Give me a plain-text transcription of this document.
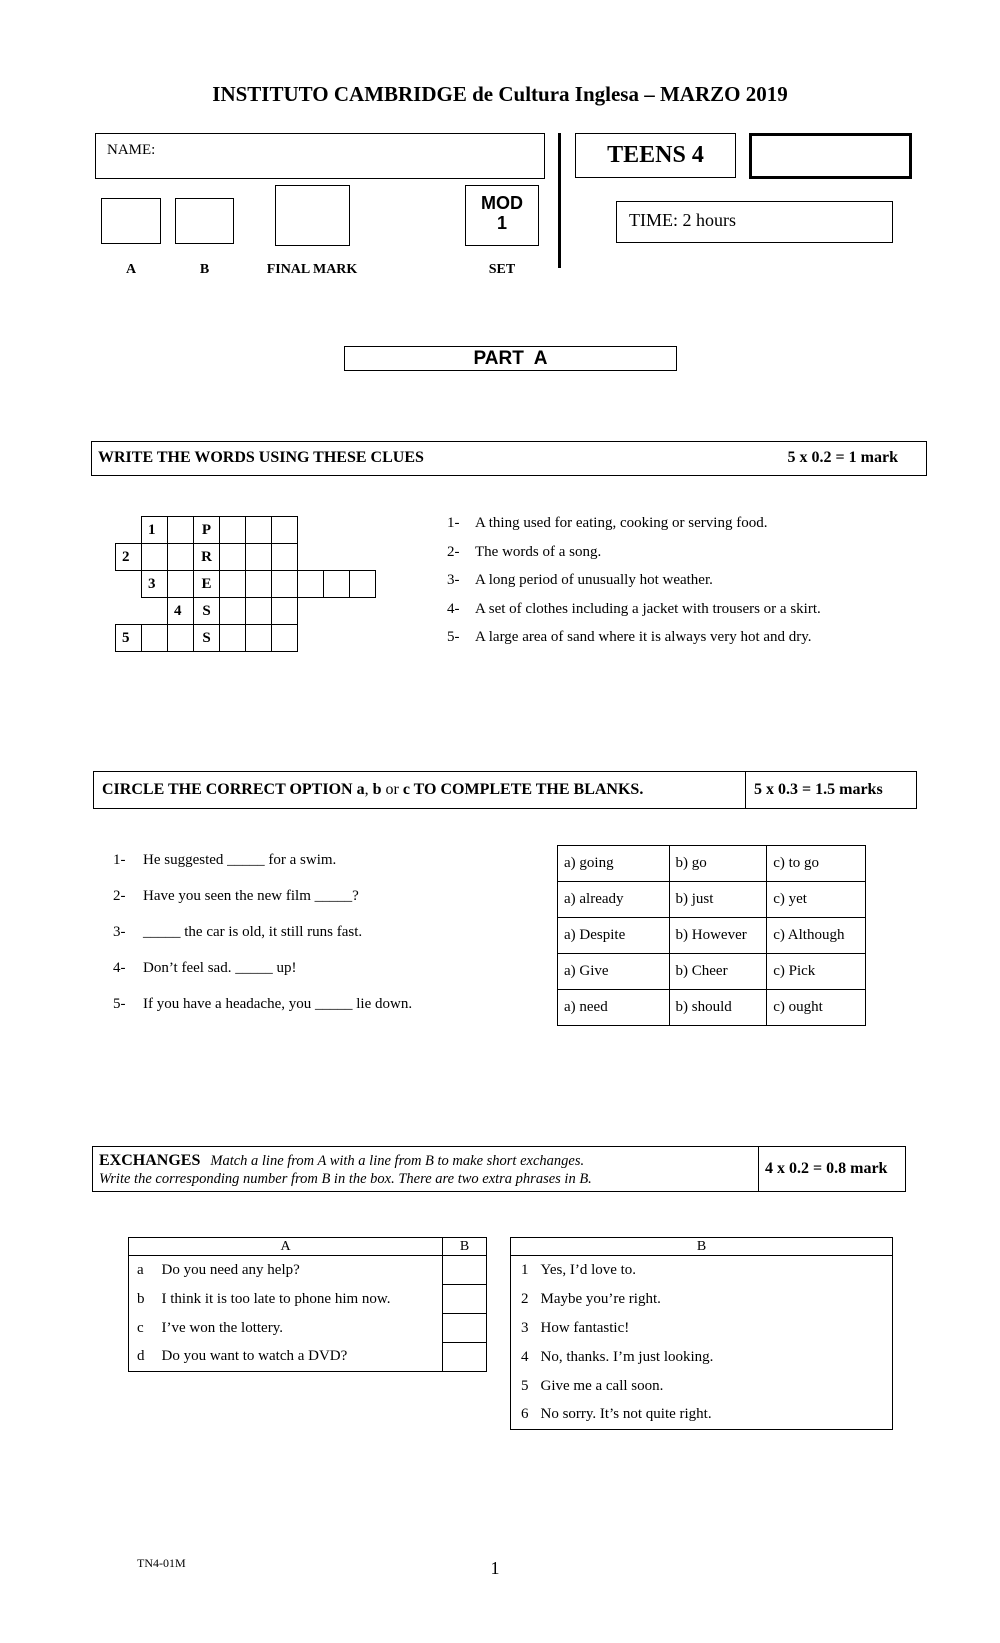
INSTITUTO CAMBRIDGE de Cultura Inglesa – MARZO 2019
NAME:	TEENS 4
MOD
1
A	B	FINAL MARK	SET
TIME: 2 hours
PART  A
WRITE THE WORDS USING THESE CLUES	5 x 0.2 = 1 mark
	1		P						
2			R						
	3		E						
		4	S						
5			S						
1-	A thing used for eating, cooking or serving food.
2-	The words of a song.
3-	A long period of unusually hot weather.
4-	A set of clothes including a jacket with trousers or a skirt.
5-	A large area of sand where it is always very hot and dry.
CIRCLE THE CORRECT OPTION a, b or c TO COMPLETE THE BLANKS.	5 x 0.3 = 1.5 marks
1-	He suggested _____ for a swim.
2-	Have you seen the new film _____?
3-	_____ the car is old, it still runs fast.
4-	Don’t feel sad. _____ up!
5-	If you have a headache, you _____ lie down.
a) going	b) go	c) to go
a) already	b) just	c) yet
a) Despite	b) However	c) Although
a) Give	b) Cheer	c) Pick
a) need	b) should	c) ought
EXCHANGES Match a line from A with a line from B to make short exchanges.
Write the corresponding number from B in the box. There are two extra phrases in B.
4 x 0.2 = 0.8 mark
A		B
a	Do you need any help?	
b	I think it is too late to phone him now.	
c	I’ve won the lottery.	
d	Do you want to watch a DVD?	
B	
1	Yes, I’d love to.
2	Maybe you’re right.
3	How fantastic!
4	No, thanks. I’m just looking.
5	Give me a call soon.
6	No sorry. It’s not quite right.
TN4-01M	1
